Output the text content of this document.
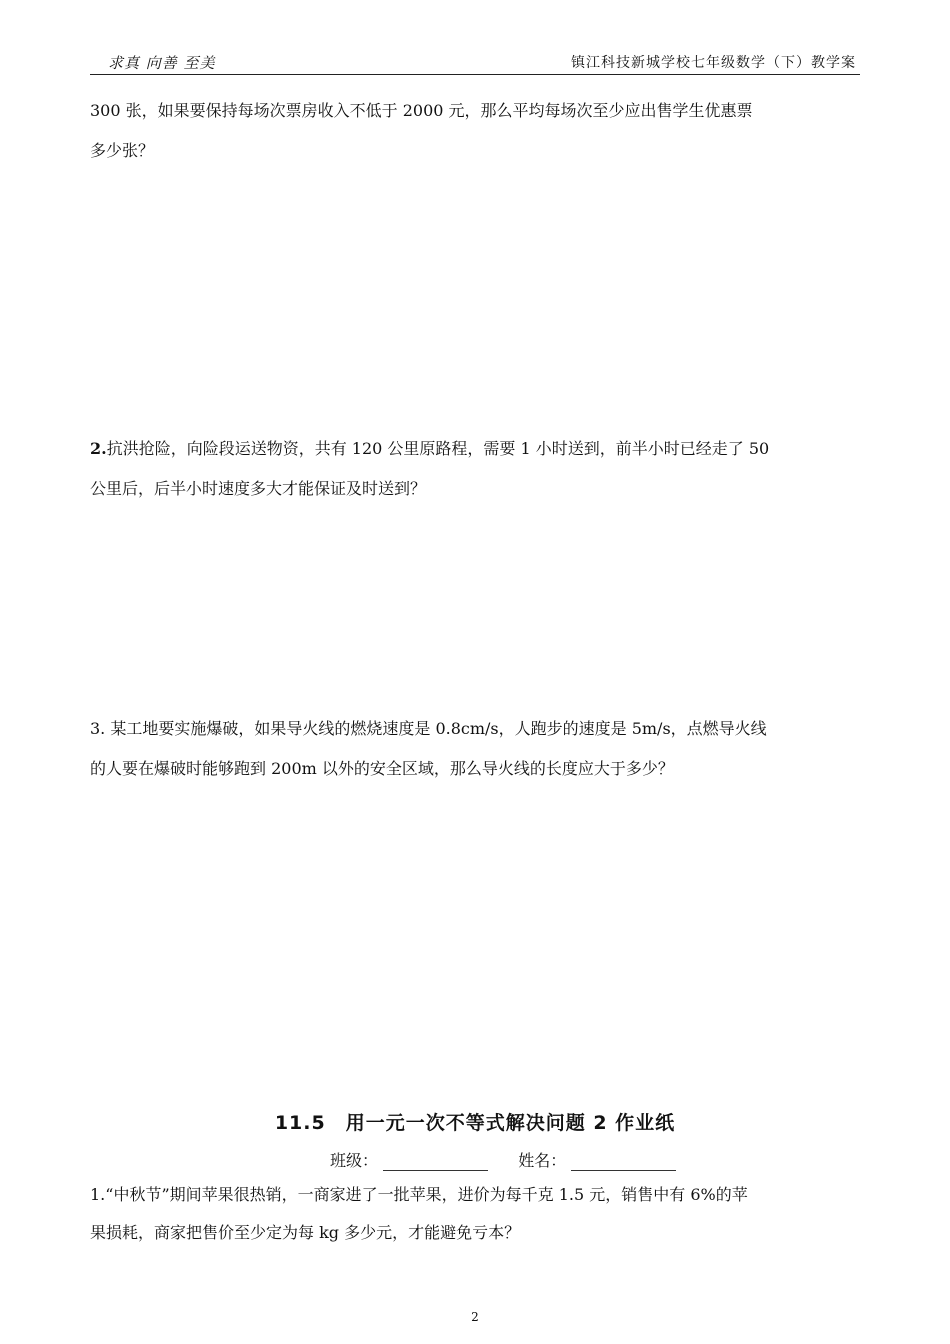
求真 向善 至美	镇江科技新城学校七年级数学（下）教学案

300 张，如果要保持每场次票房收入不低于 2000 元，那么平均每场次至少应出售学生优惠票

多少张？

2.抗洪抢险，向险段运送物资，共有 120 公里原路程，需要 1 小时送到，前半小时已经走了 50

公里后，后半小时速度多大才能保证及时送到？

3. 某工地要实施爆破，如果导火线的燃烧速度是 0.8cm/s，人跑步的速度是 5m/s，点燃导火线

的人要在爆破时能够跑到 200m 以外的安全区域，那么导火线的长度应大于多少？

11.5　用一元一次不等式解决问题 2 作业纸
班级：	姓名：

1.“中秋节”期间苹果很热销，一商家进了一批苹果，进价为每千克 1.5 元，销售中有 6%的苹

果损耗，商家把售价至少定为每 kg 多少元，才能避免亏本？

2
